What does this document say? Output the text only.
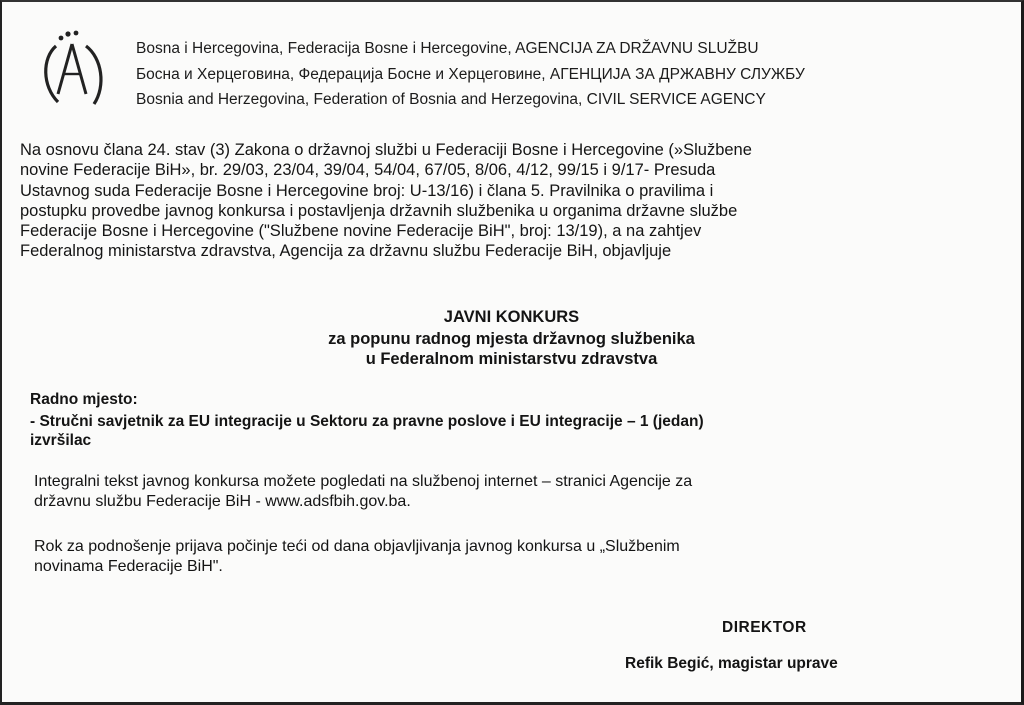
Bosna i Hercegovina, Federacija Bosne i Hercegovine, AGENCIJA ZA DRŽAVNU SLUŽBU
Босна и Херцеговина, Федерација Босне и Херцеговине, АГЕНЦИЈА ЗА ДРЖАВНУ СЛУЖБУ
Bosnia and Herzegovina, Federation of Bosnia and Herzegovina, CIVIL SERVICE AGENCY
Na osnovu člana 24. stav (3) Zakona o državnoj službi u Federaciji Bosne i Hercegovine (»Službene
novine Federacije BiH», br. 29/03, 23/04, 39/04, 54/04, 67/05, 8/06, 4/12, 99/15 i 9/17- Presuda
Ustavnog suda Federacije Bosne i Hercegovine broj: U-13/16) i člana 5. Pravilnika o pravilima i
postupku provedbe javnog konkursa i postavljenja državnih službenika u organima državne službe
Federacije Bosne i Hercegovine ("Službene novine Federacije BiH", broj: 13/19), a na zahtjev
Federalnog ministarstva zdravstva, Agencija za državnu službu Federacije BiH, objavljuje
JAVNI KONKURS
za popunu radnog mjesta državnog službenika
u Federalnom ministarstvu zdravstva
Radno mjesto:
- Stručni savjetnik za EU integracije u Sektoru za pravne poslove i EU integracije – 1 (jedan)
izvršilac
Integralni tekst javnog konkursa možete pogledati na službenoj internet – stranici Agencije za
državnu službu Federacije BiH - www.adsfbih.gov.ba.
Rok za podnošenje prijava počinje teći od dana objavljivanja javnog konkursa u „Službenim
novinama Federacije BiH".
DIREKTOR
Refik Begić, magistar uprave
